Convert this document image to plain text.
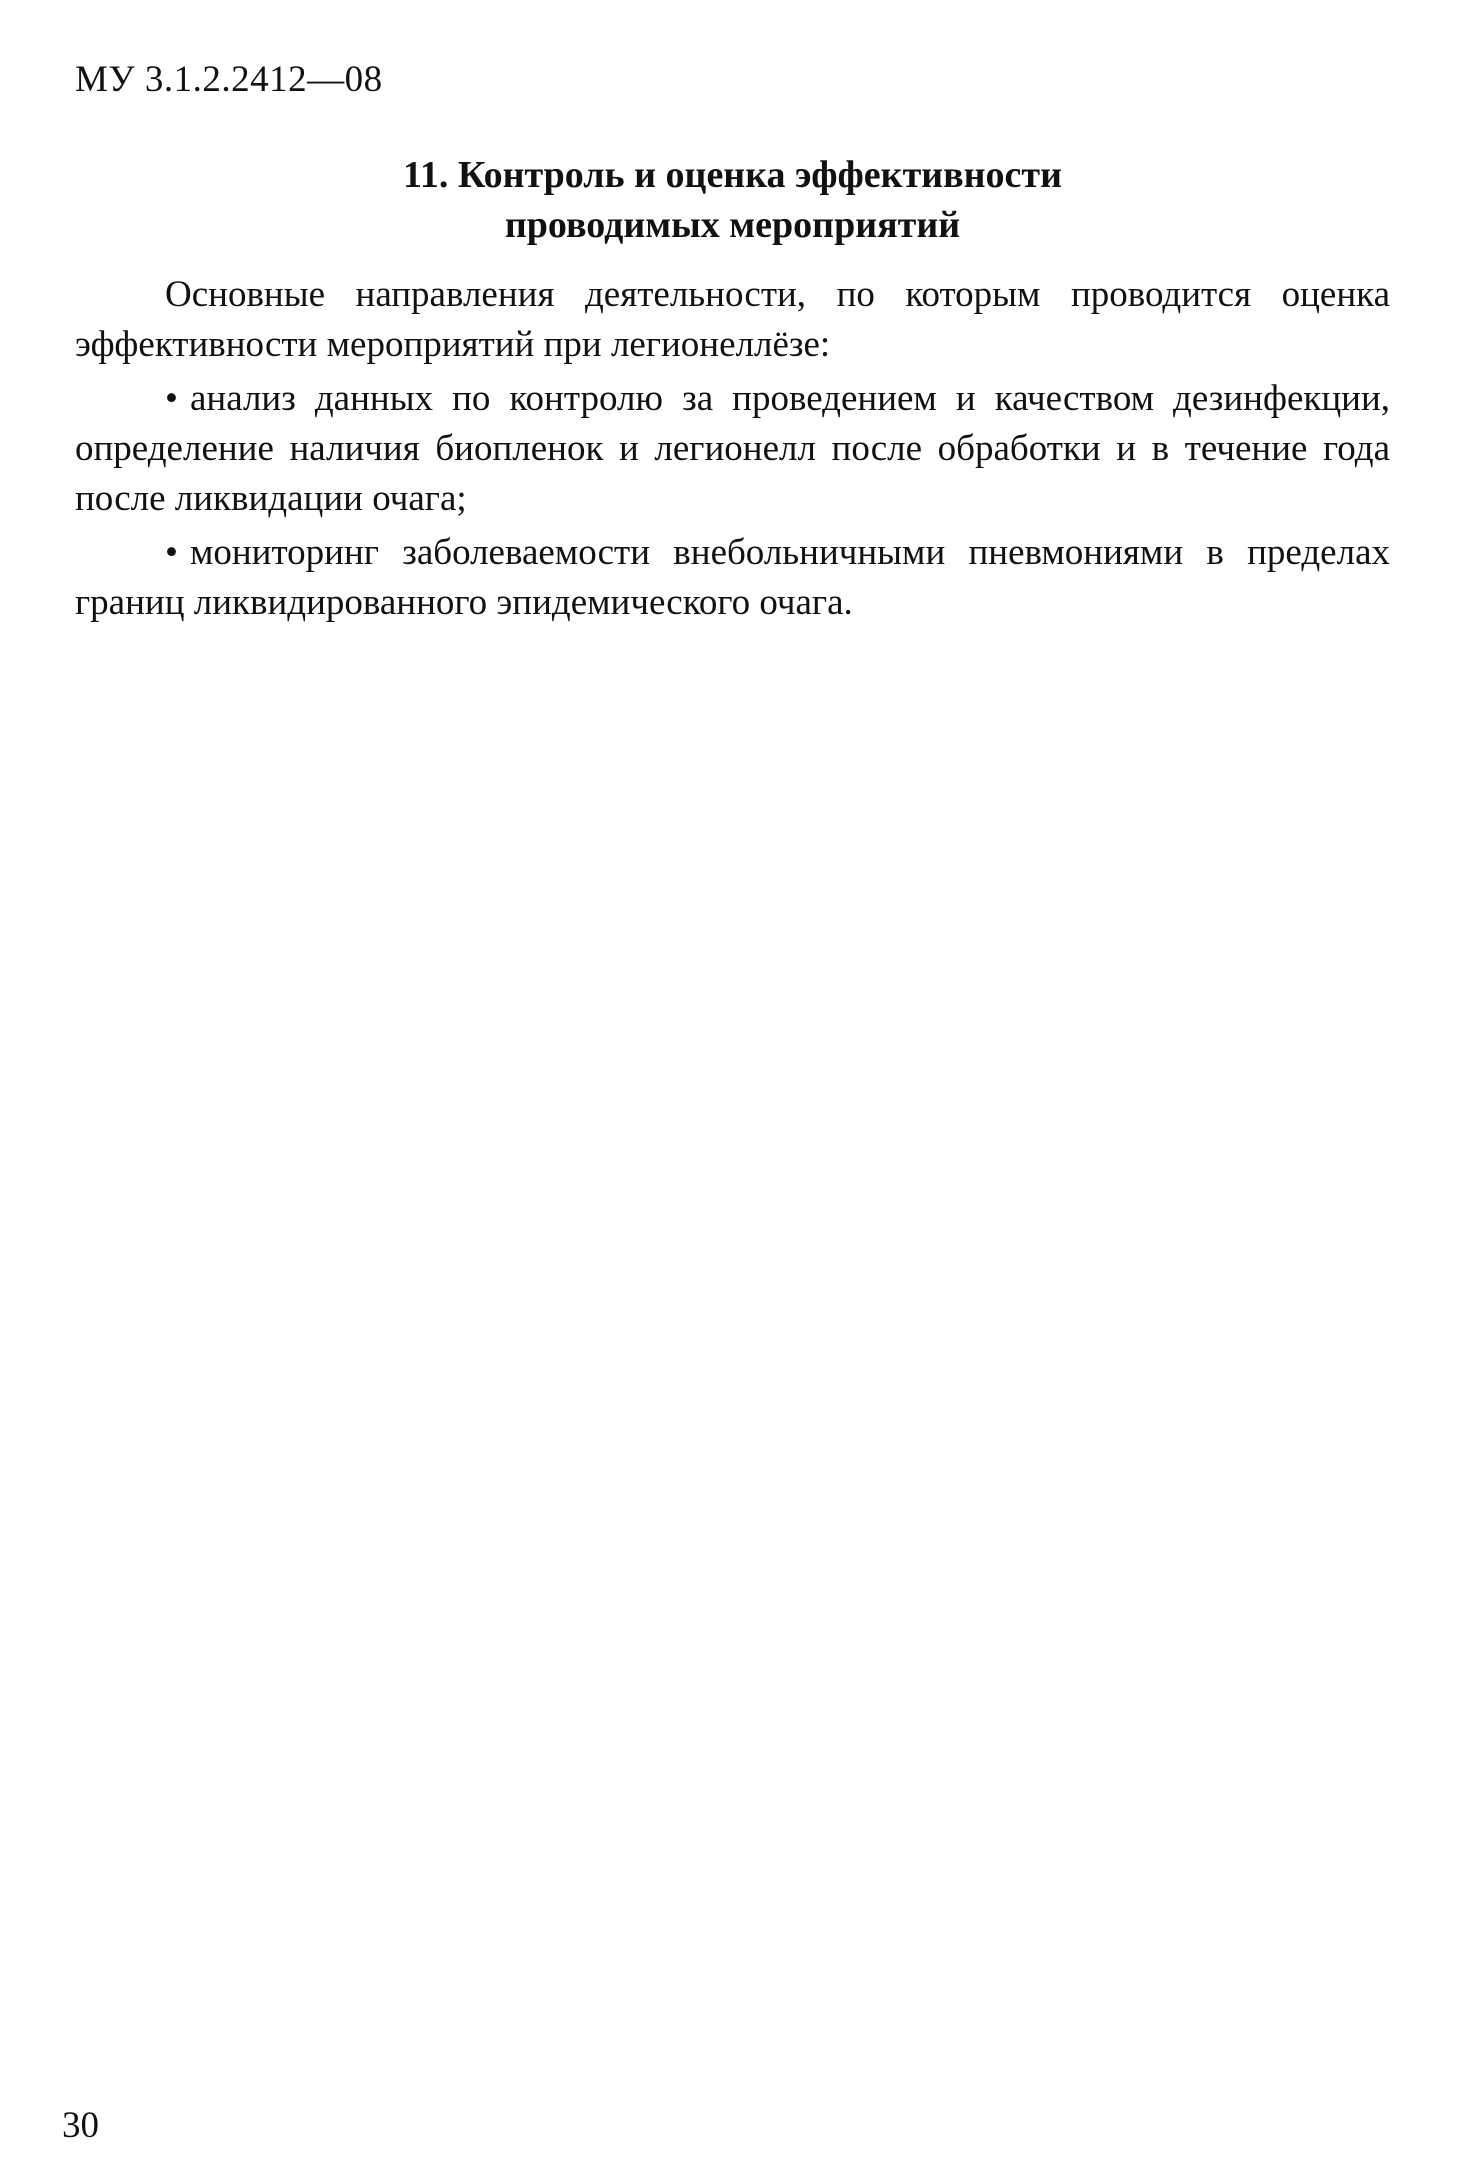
МУ 3.1.2.2412—08
11. Контроль и оценка эффективности
проводимых мероприятий

Основные направления деятельности, по которым проводится оценка эффективности мероприятий при легионеллёзе:

• анализ данных по контролю за проведением и качеством дезинфекции, определение наличия биопленок и легионелл после обработки и в течение года после ликвидации очага;

• мониторинг заболеваемости внебольничными пневмониями в пределах границ ликвидированного эпидемического очага.

30
